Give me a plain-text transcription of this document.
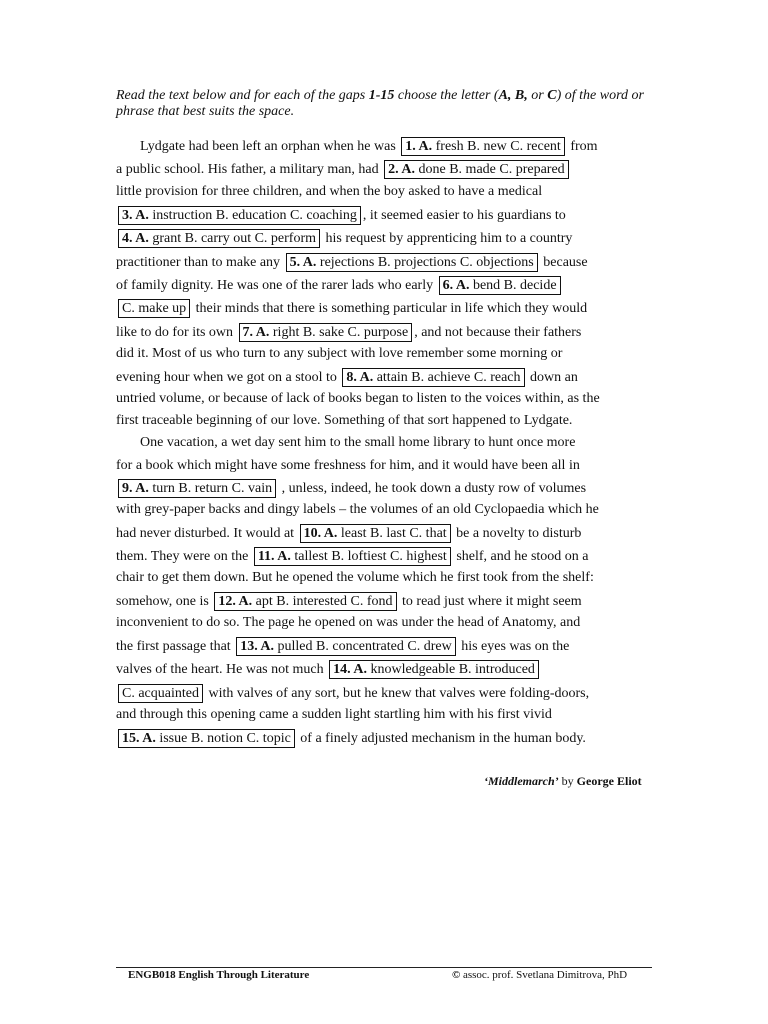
Read the text below and for each of the gaps 1-15 choose the letter (A, B, or C) of the word or phrase that best suits the space.
Lydgate had been left an orphan when he was 1. A. fresh B. new C. recent from
a public school. His father, a military man, had 2. A. done B. made C. prepared
little provision for three children, and when the boy asked to have a medical
3. A. instruction B. education C. coaching , it seemed easier to his guardians to
4. A. grant B. carry out C. perform his request by apprenticing him to a country
practitioner than to make any 5. A. rejections B. projections C. objections because
of family dignity. He was one of the rarer lads who early 6. A. bend B. decide
C. make up their minds that there is something particular in life which they would
like to do for its own 7. A. right B. sake C. purpose , and not because their fathers
did it. Most of us who turn to any subject with love remember some morning or
evening hour when we got on a stool to 8. A. attain B. achieve C. reach down an
untried volume, or because of lack of books began to listen to the voices within, as the
first traceable beginning of our love. Something of that sort happened to Lydgate.
One vacation, a wet day sent him to the small home library to hunt once more
for a book which might have some freshness for him, and it would have been all in
9. A. turn B. return C. vain , unless, indeed, he took down a dusty row of volumes
with grey-paper backs and dingy labels – the volumes of an old Cyclopaedia which he
had never disturbed. It would at 10. A. least B. last C. that be a novelty to disturb
them. They were on the 11. A. tallest B. loftiest C. highest shelf, and he stood on a
chair to get them down. But he opened the volume which he first took from the shelf:
somehow, one is 12. A. apt B. interested C. fond to read just where it might seem
inconvenient to do so. The page he opened on was under the head of Anatomy, and
the first passage that 13. A. pulled B. concentrated C. drew his eyes was on the
valves of the heart. He was not much 14. A. knowledgeable B. introduced
C. acquainted with valves of any sort, but he knew that valves were folding-doors,
and through this opening came a sudden light startling him with his first vivid
15. A. issue B. notion C. topic of a finely adjusted mechanism in the human body.
‘Middlemarch’ by George Eliot
ENGB018 English Through Literature	© assoc. prof. Svetlana Dimitrova, PhD
